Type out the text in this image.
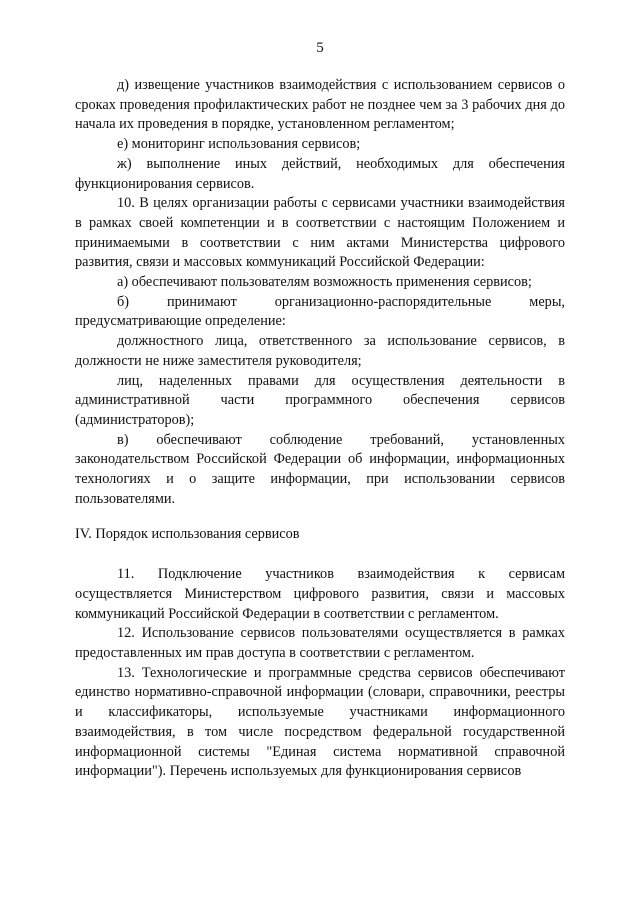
5

д) извещение участников взаимодействия с использованием сервисов о сроках проведения профилактических работ не позднее чем за 3 рабочих дня до начала их проведения в порядке, установленном регламентом;

е) мониторинг использования сервисов;

ж) выполнение иных действий, необходимых для обеспечения функционирования сервисов.

10. В целях организации работы с сервисами участники взаимодействия в рамках своей компетенции и в соответствии с настоящим Положением и принимаемыми в соответствии с ним актами Министерства цифрового развития, связи и массовых коммуникаций Российской Федерации:

а) обеспечивают пользователям возможность применения сервисов;

б) принимают организационно-распорядительные меры, предусматривающие определение:

должностного лица, ответственного за использование сервисов, в должности не ниже заместителя руководителя;

лиц, наделенных правами для осуществления деятельности в административной части программного обеспечения сервисов (администраторов);

в) обеспечивают соблюдение требований, установленных законодательством Российской Федерации об информации, информационных технологиях и о защите информации, при использовании сервисов пользователями.

IV. Порядок использования сервисов

11. Подключение участников взаимодействия к сервисам осуществляется Министерством цифрового развития, связи и массовых коммуникаций Российской Федерации в соответствии с регламентом.

12. Использование сервисов пользователями осуществляется в рамках предоставленных им прав доступа в соответствии с регламентом.

13. Технологические и программные средства сервисов обеспечивают единство нормативно-справочной информации (словари, справочники, реестры и классификаторы, используемые участниками информационного взаимодействия, в том числе посредством федеральной государственной информационной системы "Единая система нормативной справочной информации"). Перечень используемых для функционирования сервисов
